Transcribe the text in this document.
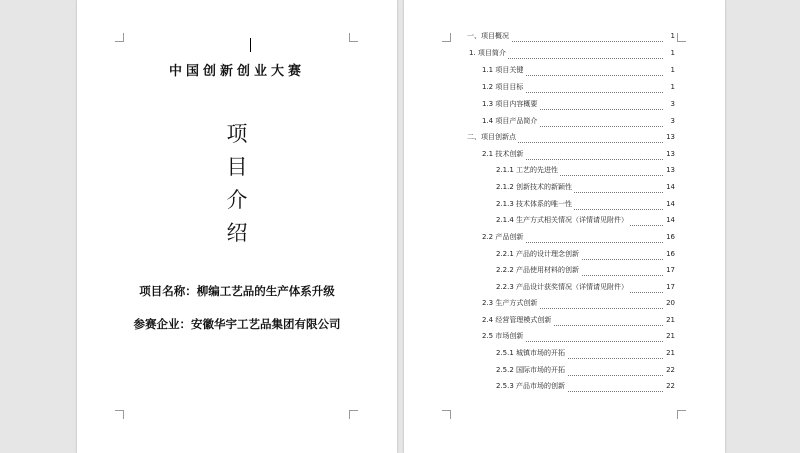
中国创新创业大赛
项
目
介
绍
项目名称：柳编工艺品的生产体系升级
参赛企业：安徽华宇工艺品集团有限公司
一、项目概况	1
1. 项目简介	1
1.1 项目关键	1
1.2 项目目标	1
1.3 项目内容概要	3
1.4 项目产品简介	3
二、项目创新点	13
2.1 技术创新	13
2.1.1 工艺的先进性	13
2.1.2 创新技术的新颖性	14
2.1.3 技术体系的唯一性	14
2.1.4 生产方式相关情况（详情请见附件）	14
2.2 产品创新	16
2.2.1 产品的设计理念创新	16
2.2.2 产品使用材料的创新	17
2.2.3 产品设计获奖情况（详情请见附件）	17
2.3 生产方式创新	20
2.4 经营管理模式创新	21
2.5 市场创新	21
2.5.1 城镇市场的开拓	21
2.5.2 国际市场的开拓	22
2.5.3 产品市场的创新	22
